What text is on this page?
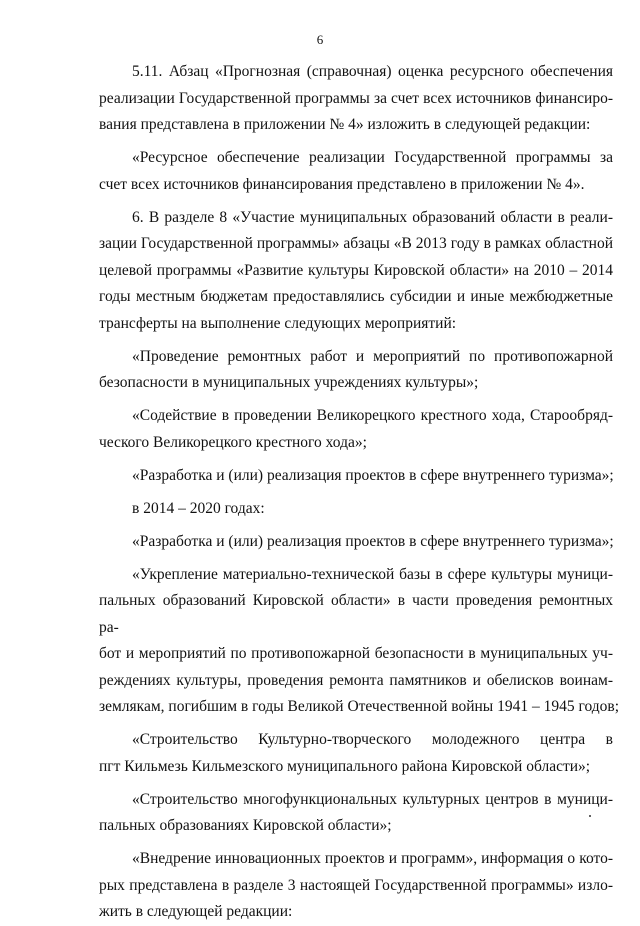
6

5.11. Абзац «Прогнозная (справочная) оценка ресурсного обеспечения
реализации Государственной программы за счет всех источников финансиро-
вания представлена в приложении № 4» изложить в следующей редакции:

«Ресурсное обеспечение реализации Государственной программы за
счет всех источников финансирования представлено в приложении № 4».

6. В разделе 8 «Участие муниципальных образований области в реали-
зации Государственной программы» абзацы «В 2013 году в рамках областной
целевой программы «Развитие культуры Кировской области» на 2010 – 2014
годы местным бюджетам предоставлялись субсидии и иные межбюджетные
трансферты на выполнение следующих мероприятий:

«Проведение ремонтных работ и мероприятий по противопожарной
безопасности в муниципальных учреждениях культуры»;

«Содействие в проведении Великорецкого крестного хода, Старообряд-
ческого Великорецкого крестного хода»;

«Разработка и (или) реализация проектов в сфере внутреннего туризма»;

в 2014 – 2020 годах:

«Разработка и (или) реализация проектов в сфере внутреннего туризма»;

«Укрепление материально-технической базы в сфере культуры муници-
пальных образований Кировской области» в части проведения ремонтных ра-
бот и мероприятий по противопожарной безопасности в муниципальных уч-
реждениях культуры, проведения ремонта памятников и обелисков воинам-
землякам, погибшим в годы Великой Отечественной войны 1941 – 1945 годов;

«Строительство Культурно-творческого молодежного центра в
пгт Кильмезь Кильмезского муниципального района Кировской области»;

«Строительство многофункциональных культурных центров в муници-
пальных образованиях Кировской области»;

«Внедрение инновационных проектов и программ», информация о кото-
рых представлена в разделе 3 настоящей Государственной программы» изло-
жить в следующей редакции:
